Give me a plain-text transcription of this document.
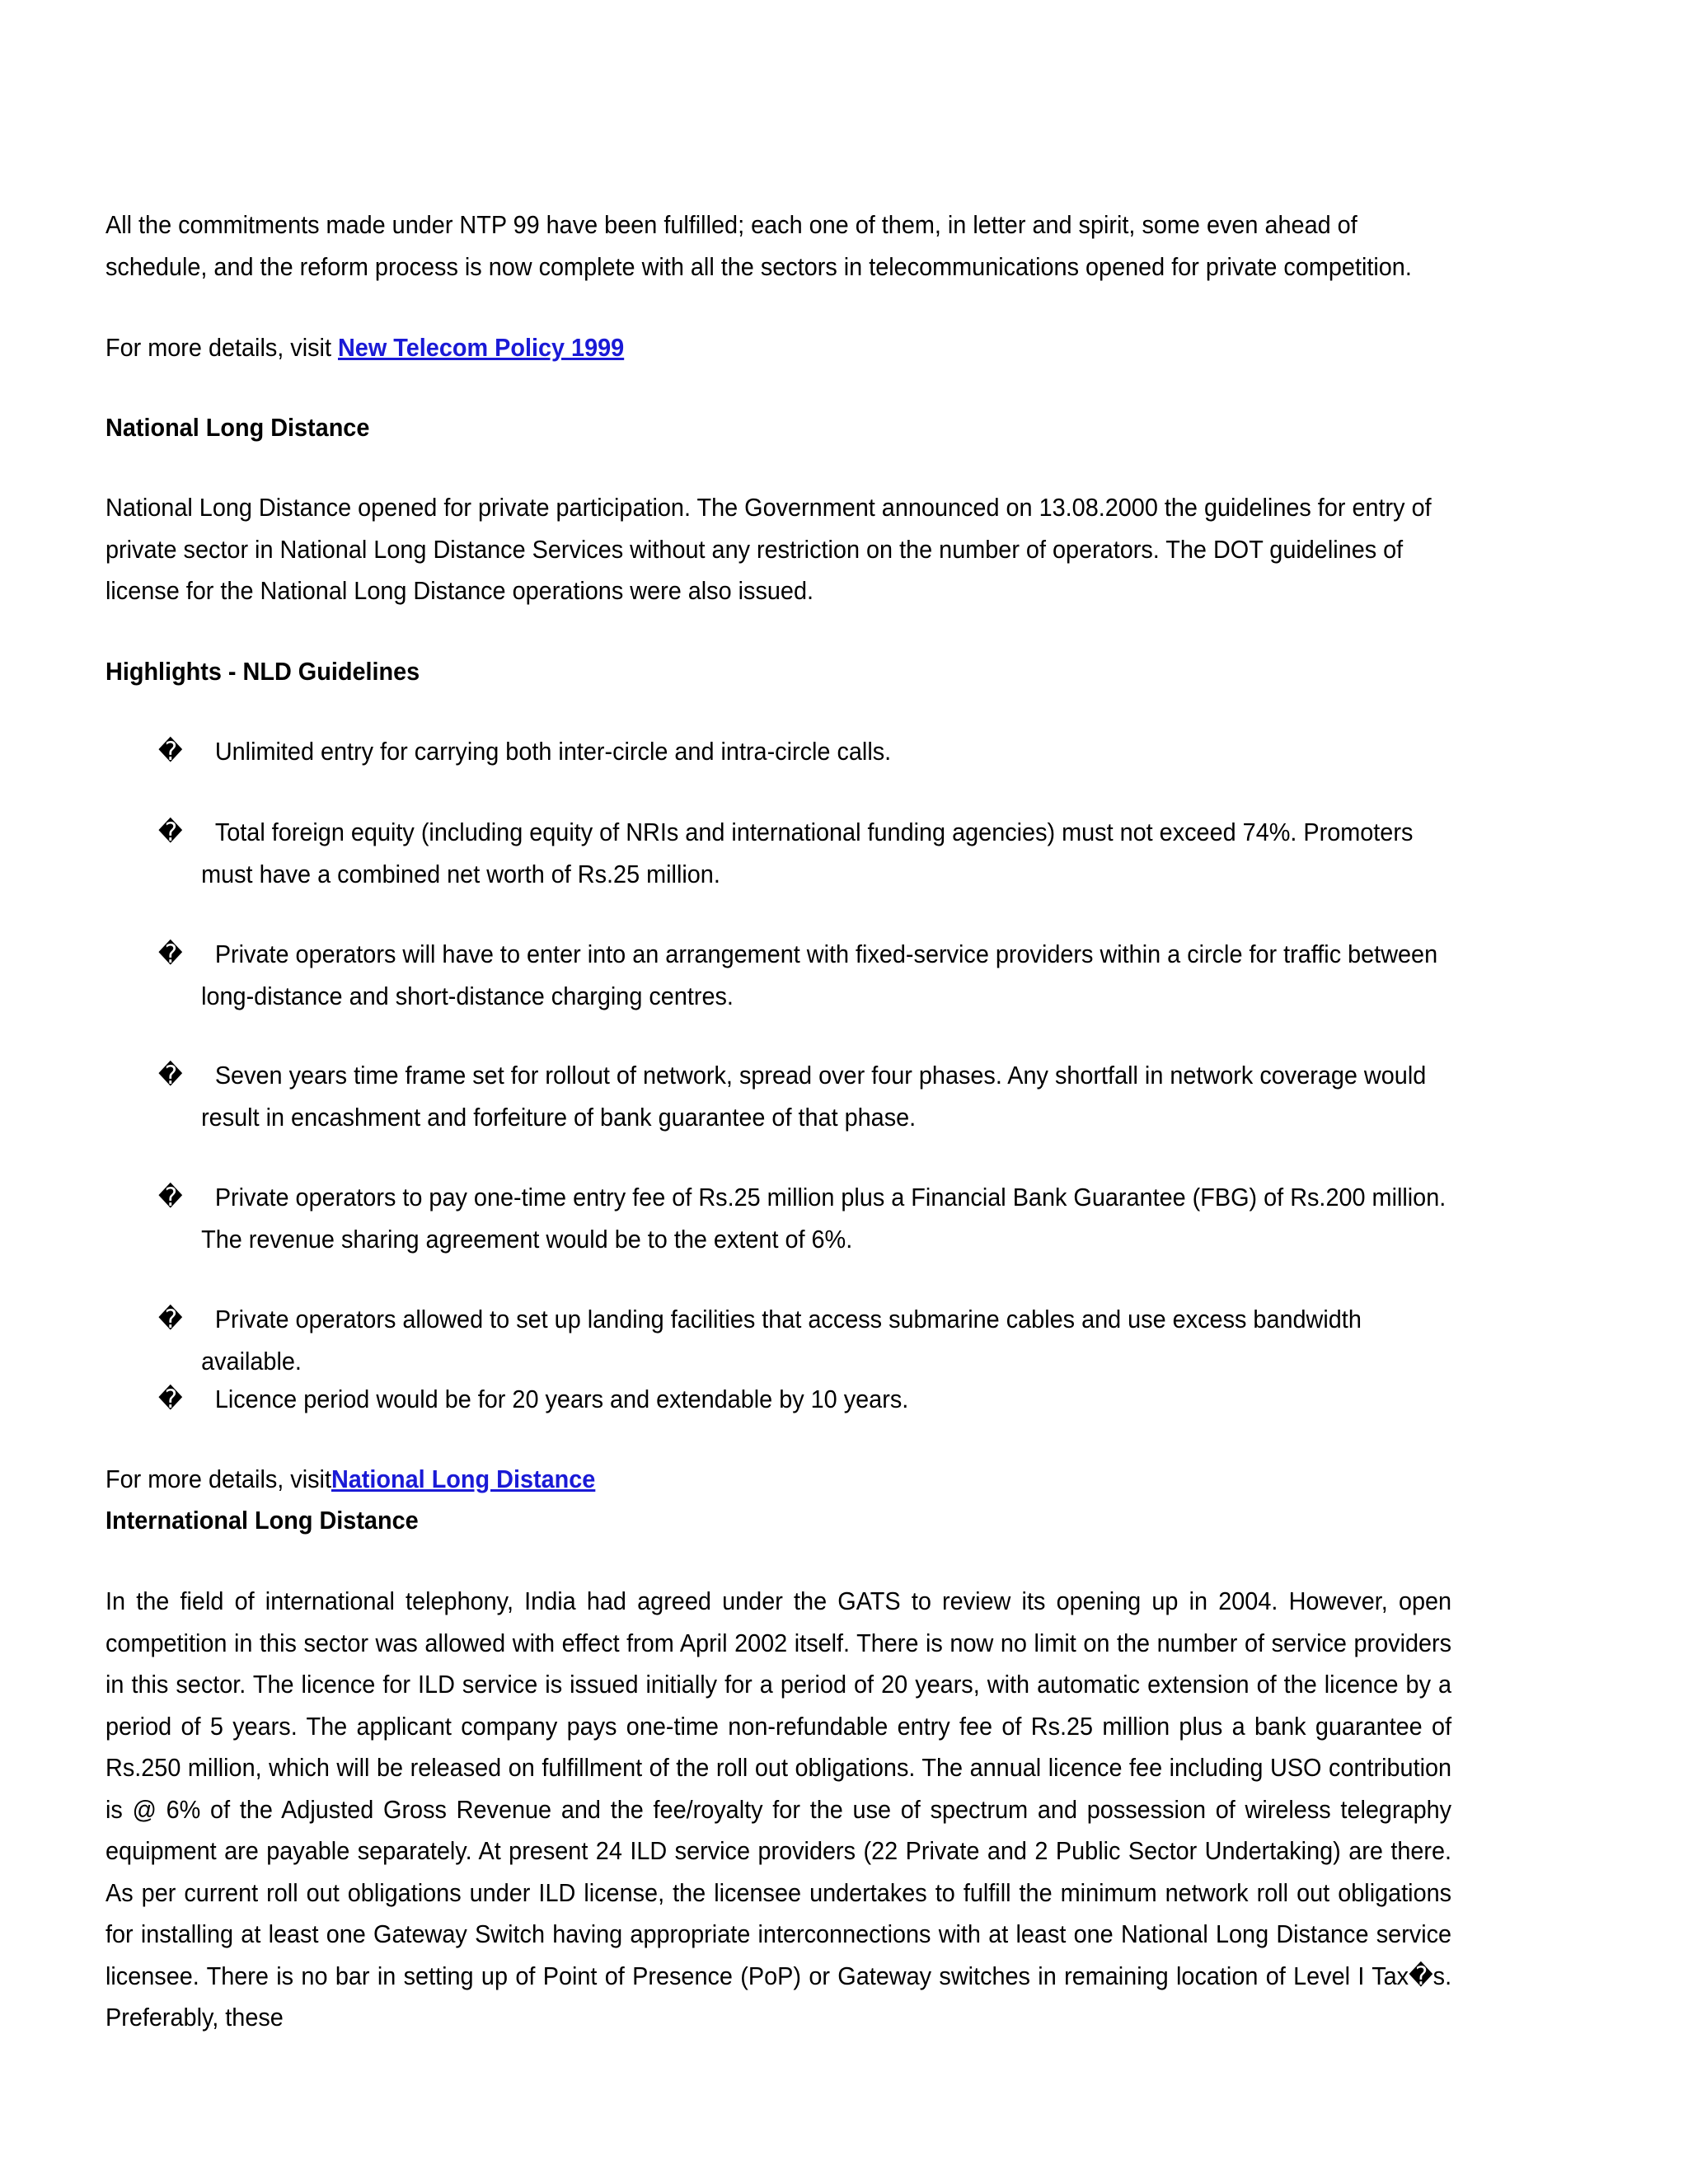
All the commitments made under NTP 99 have been fulfilled; each one of them, in letter and spirit, some even ahead of schedule, and the reform process is now complete with all the sectors in telecommunications opened for private competition.
For more details, visit New Telecom Policy 1999
National Long Distance
National Long Distance opened for private participation. The Government announced on 13.08.2000 the guidelines for entry of private sector in National Long Distance Services without any restriction on the number of operators. The DOT guidelines of license for the National Long Distance operations were also issued.
Highlights - NLD Guidelines
�	Unlimited entry for carrying both inter-circle and intra-circle calls.
�	Total foreign equity (including equity of NRIs and international funding agencies) must not exceed 74%. Promoters must have a combined net worth of Rs.25 million.
�	Private operators will have to enter into an arrangement with fixed-service providers within a circle for traffic between long-distance and short-distance charging centres.
�	Seven years time frame set for rollout of network, spread over four phases. Any shortfall in network coverage would result in encashment and forfeiture of bank guarantee of that phase.
�	Private operators to pay one-time entry fee of Rs.25 million plus a Financial Bank Guarantee (FBG) of Rs.200 million. The revenue sharing agreement would be to the extent of 6%.
�	Private operators allowed to set up landing facilities that access submarine cables and use excess bandwidth available.
�	Licence period would be for 20 years and extendable by 10 years.
For more details, visitNational Long Distance
International Long Distance
In the field of international telephony, India had agreed under the GATS to review its opening up in 2004. However, open competition in this sector was allowed with effect from April 2002 itself. There is now no limit on the number of service providers in this sector. The licence for ILD service is issued initially for a period of 20 years, with automatic extension of the licence by a period of 5 years. The applicant company pays one-time non-refundable entry fee of Rs.25 million plus a bank guarantee of Rs.250 million, which will be released on fulfillment of the roll out obligations. The annual licence fee including USO contribution is @ 6% of the Adjusted Gross Revenue and the fee/royalty for the use of spectrum and possession of wireless telegraphy equipment are payable separately. At present 24 ILD service providers (22 Private and 2 Public Sector Undertaking) are there. As per current roll out obligations under ILD license, the licensee undertakes to fulfill the minimum network roll out obligations for installing at least one Gateway Switch having appropriate interconnections with at least one National Long Distance service licensee. There is no bar in setting up of Point of Presence (PoP) or Gateway switches in remaining location of Level I Tax�s. Preferably, these
